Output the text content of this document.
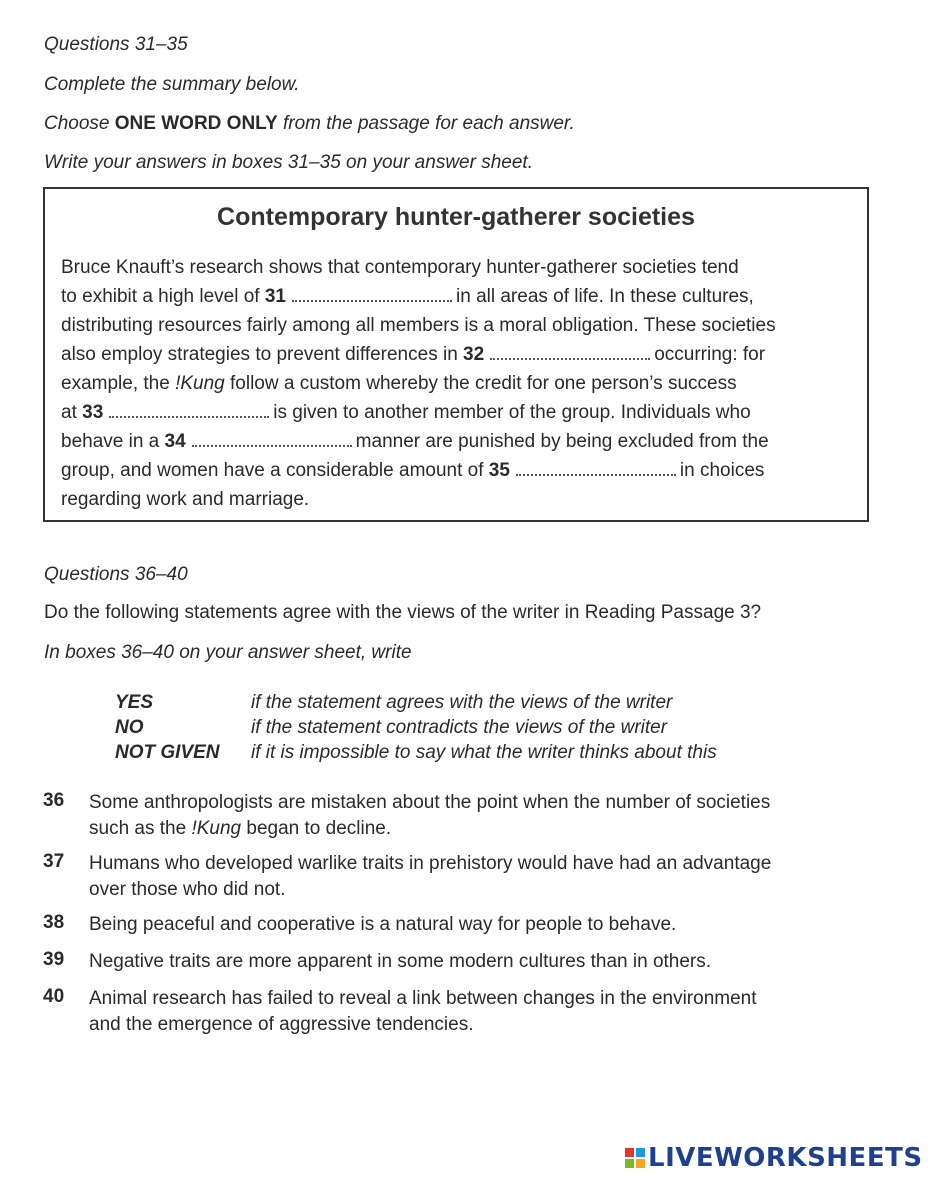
Questions 31–35
Complete the summary below.
Choose ONE WORD ONLY from the passage for each answer.
Write your answers in boxes 31–35 on your answer sheet.
Contemporary hunter-gatherer societies
Bruce Knauft’s research shows that contemporary hunter-gatherer societies tend
to exhibit a high level of 31	in all areas of life. In these cultures,
distributing resources fairly among all members is a moral obligation. These societies
also employ strategies to prevent differences in 32	occurring: for
example, the !Kung follow a custom whereby the credit for one person’s success
at 33	is given to another member of the group. Individuals who
behave in a 34	manner are punished by being excluded from the
group, and women have a considerable amount of 35	in choices
regarding work and marriage.
Questions 36–40
Do the following statements agree with the views of the writer in Reading Passage 3?
In boxes 36–40 on your answer sheet, write
YES	if the statement agrees with the views of the writer
NO	if the statement contradicts the views of the writer
NOT GIVEN if it is impossible to say what the writer thinks about this
36	Some anthropologists are mistaken about the point when the number of societies
such as the !Kung began to decline.
37	Humans who developed warlike traits in prehistory would have had an advantage
over those who did not.
38	Being peaceful and cooperative is a natural way for people to behave.
39	Negative traits are more apparent in some modern cultures than in others.
40	Animal research has failed to reveal a link between changes in the environment
and the emergence of aggressive tendencies.
LIVEWORKSHEETS
